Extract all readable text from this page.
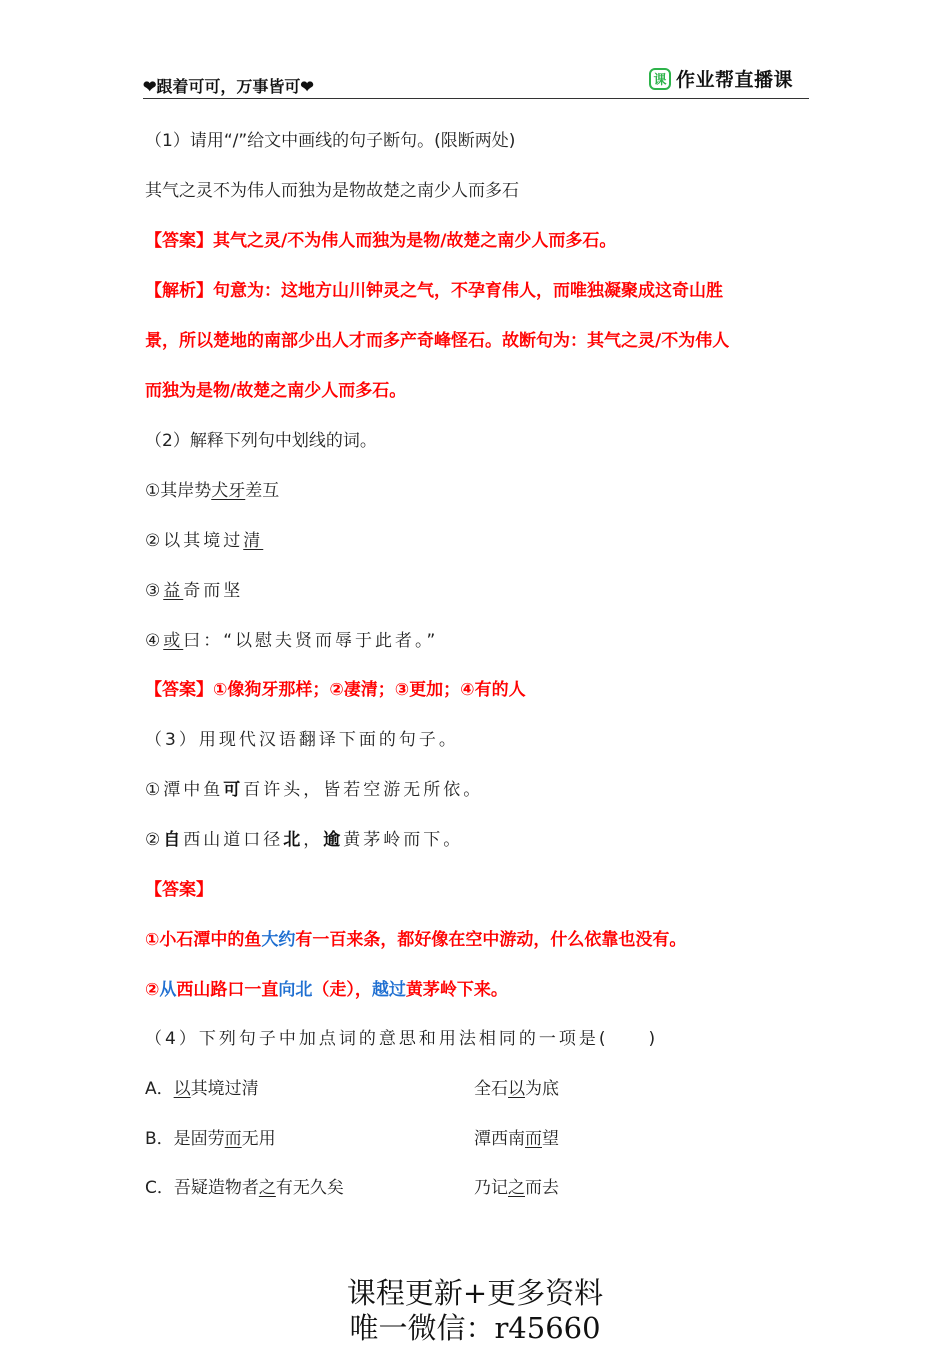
❤跟着可可，万事皆可❤	课 作业帮直播课
（1）请用“/”给文中画线的句子断句。(限断两处)
其气之灵不为伟人而独为是物故楚之南少人而多石
【答案】其气之灵/不为伟人而独为是物/故楚之南少人而多石。
【解析】句意为：这地方山川钟灵之气，不孕育伟人，而唯独凝聚成这奇山胜
景，所以楚地的南部少出人才而多产奇峰怪石。故断句为：其气之灵/不为伟人
而独为是物/故楚之南少人而多石。
（2）解释下列句中划线的词。
①其岸势犬牙差互
②以其境过清
③益奇而坚
④或曰：“以慰夫贤而辱于此者。”
【答案】①像狗牙那样；②凄清；③更加；④有的人
（3）用现代汉语翻译下面的句子。
①潭中鱼可百许头，皆若空游无所依。
②自西山道口径北，逾黄茅岭而下。
【答案】
①小石潭中的鱼大约有一百来条，都好像在空中游动，什么依靠也没有。
②从西山路口一直向北（走），越过黄茅岭下来。
（4）下列句子中加点词的意思和用法相同的一项是(　　)
A．以其境过清	全石以为底
B．是固劳而无用	潭西南而望
C．吾疑造物者之有无久矣	乃记之而去
课程更新+更多资料
唯一微信：r45660
